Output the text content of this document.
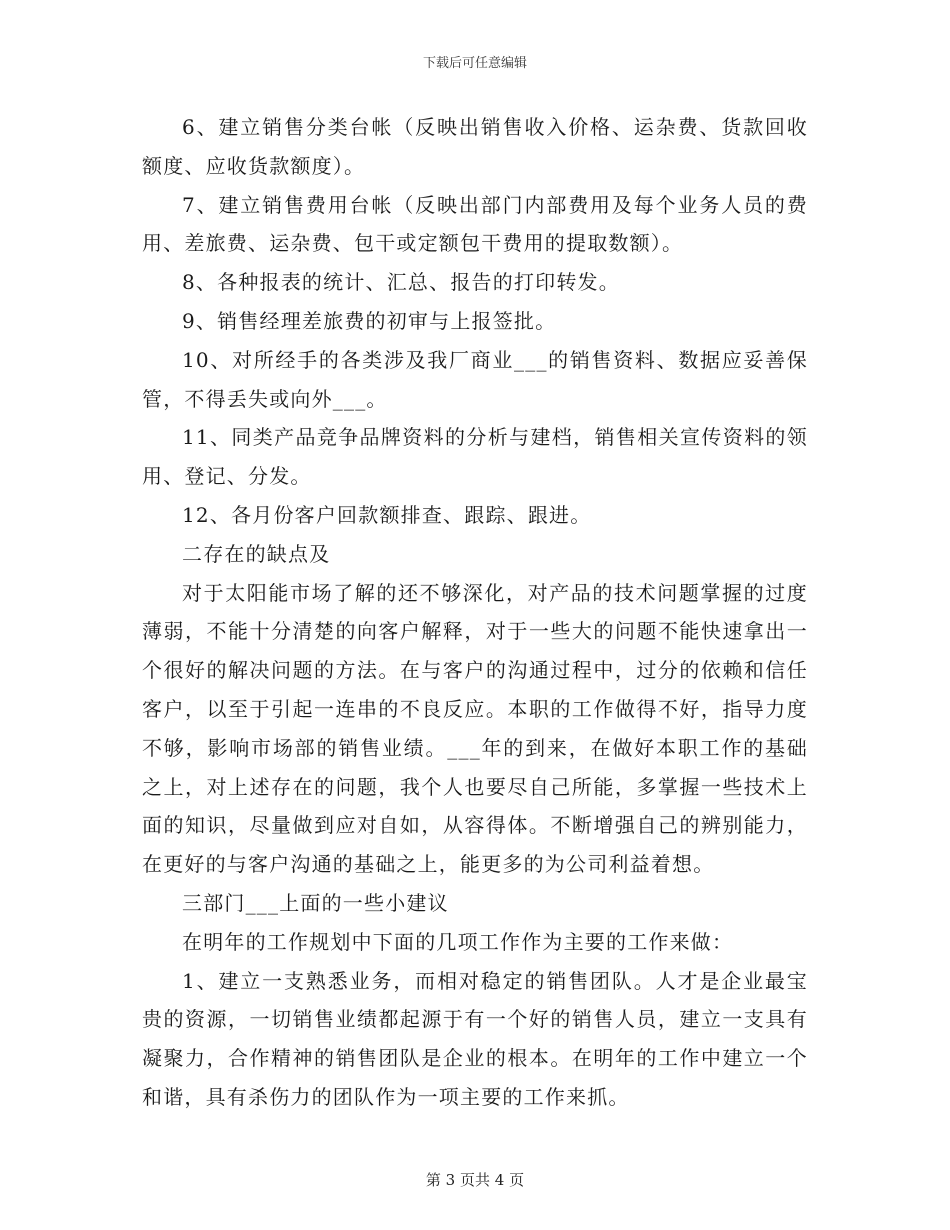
下载后可任意编辑

6、建立销售分类台帐（反映出销售收入价格、运杂费、货款回收额度、应收货款额度）。

7、建立销售费用台帐（反映出部门内部费用及每个业务人员的费用、差旅费、运杂费、包干或定额包干费用的提取数额）。

8、各种报表的统计、汇总、报告的打印转发。

9、销售经理差旅费的初审与上报签批。

10、对所经手的各类涉及我厂商业___的销售资料、数据应妥善保管，不得丢失或向外___。

11、同类产品竞争品牌资料的分析与建档，销售相关宣传资料的领用、登记、分发。

12、各月份客户回款额排查、跟踪、跟进。

二存在的缺点及

对于太阳能市场了解的还不够深化，对产品的技术问题掌握的过度薄弱，不能十分清楚的向客户解释，对于一些大的问题不能快速拿出一个很好的解决问题的方法。在与客户的沟通过程中，过分的依赖和信任客户，以至于引起一连串的不良反应。本职的工作做得不好，指导力度不够，影响市场部的销售业绩。___年的到来，在做好本职工作的基础之上，对上述存在的问题，我个人也要尽自己所能，多掌握一些技术上面的知识，尽量做到应对自如，从容得体。不断增强自己的辨别能力，在更好的与客户沟通的基础之上，能更多的为公司利益着想。

三部门___上面的一些小建议

在明年的工作规划中下面的几项工作作为主要的工作来做：

1、建立一支熟悉业务，而相对稳定的销售团队。人才是企业最宝贵的资源，一切销售业绩都起源于有一个好的销售人员，建立一支具有凝聚力，合作精神的销售团队是企业的根本。在明年的工作中建立一个和谐，具有杀伤力的团队作为一项主要的工作来抓。

第 3 页共 4 页
